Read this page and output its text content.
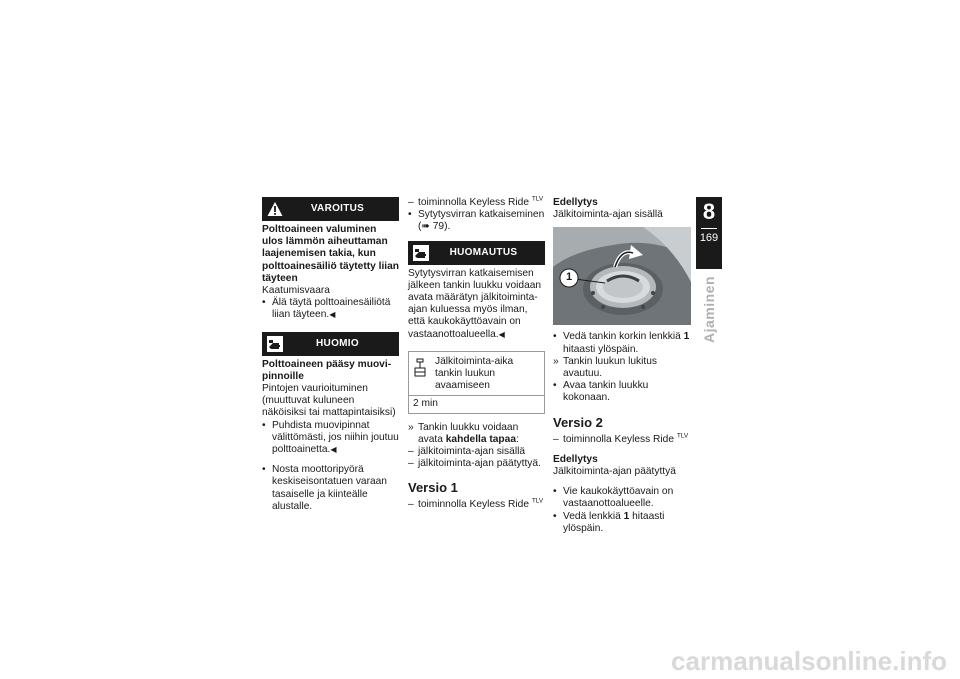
VAROITUS
Polttoaineen valuminen ulos lämmön aiheuttaman laajenemisen takia, kun polttoainesäiliö täytetty liian täyteen
Kaatumisvaara
• Älä täytä polttoainesäiliötä liian täyteen.◀
HUOMIO
Polttoaineen pääsy muovipinnoille
Pintojen vaurioituminen (muuttuvat kuluneen näköisiksi tai mattapintaisiksi)
• Puhdista muovipinnat välittömästi, jos niihin joutuu polttoainetta.◀
• Nosta moottoripyörä keskiseisontatuen varaan tasaiselle ja kiinteälle alustalle.
– toiminnolla Keyless Ride $^{TLV}$
• Sytytysvirran katkaiseminen
(➠ 79).
HUOMAUTUS
Sytytysvirran katkaisemisen jälkeen tankin luukku voidaan avata määrätyn jälkitoimintaajan kuluessa myös ilman, että kaukokäyttöavain on vastaanottoalueella.◀
Jälkitoiminta-aika tankin luukun avaamiseen
2 min
» Tankin luukku voidaan avata kahdella tapaa:
– jälkitoiminta-ajan sisällä
– jälkitoiminta-ajan päätyttyä.
Versio 1
– toiminnolla Keyless Ride $^{TLV}$
Edellytys
Jälkitoiminta-ajan sisällä
1
• Vedä tankin korkin lenkkiä 1 hitaasti ylöspäin.
» Tankin luukun lukitus avautuu.
• Avaa tankin luukku kokonaan.
Versio 2
– toiminnolla Keyless Ride $^{TLV}$
Edellytys
Jälkitoiminta-ajan päätyttyä
• Vie kaukokäyttöavain on vastaanottoalueelle.
• Vedä lenkkiä 1 hitaasti ylöspäin.
8
169
Ajaminen
carmanualsonline.info
